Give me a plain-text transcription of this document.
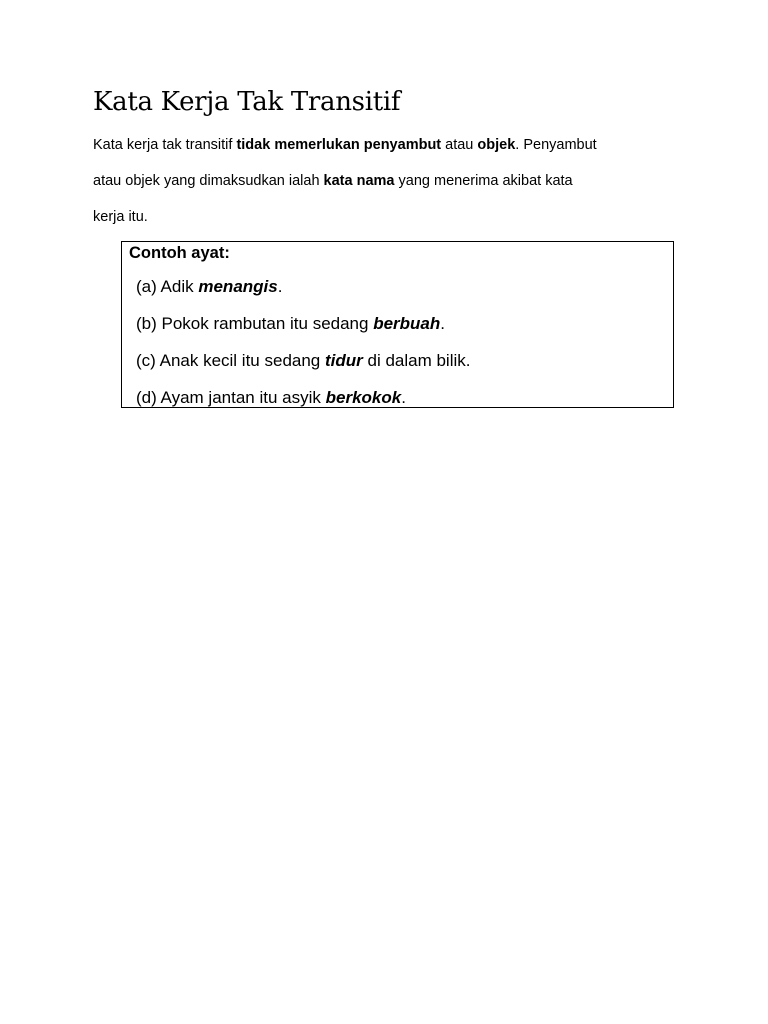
Kata Kerja Tak Transitif
Kata kerja tak transitif tidak memerlukan penyambut atau objek. Penyambut
atau objek yang dimaksudkan ialah kata nama yang menerima akibat kata
kerja itu.
Contoh ayat:
(a) Adik menangis.
(b) Pokok rambutan itu sedang berbuah.
(c) Anak kecil itu sedang tidur di dalam bilik.
(d) Ayam jantan itu asyik berkokok.
